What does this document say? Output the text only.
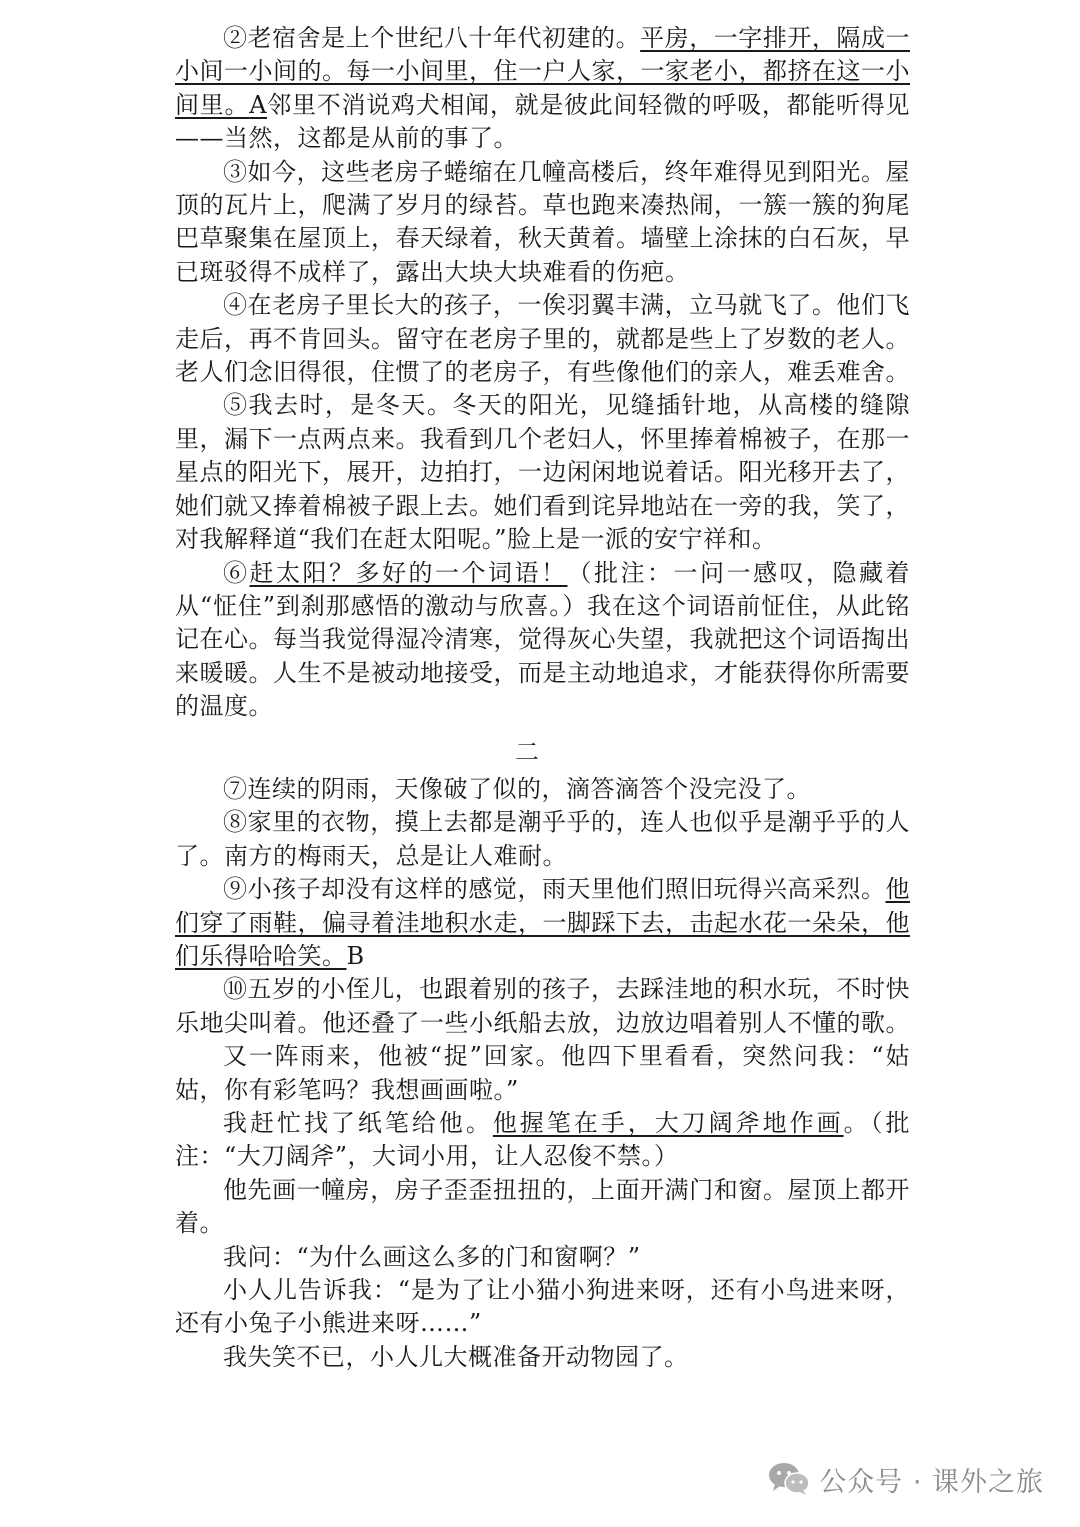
②老宿舍是上个世纪八十年代初建的。平房，一字排开，隔成一小间一小间的。每一小间里，住一户人家，一家老小，都挤在这一小间里。A邻里不消说鸡犬相闻，就是彼此间轻微的呼吸，都能听得见——当然，这都是从前的事了。

③如今，这些老房子蜷缩在几幢高楼后，终年难得见到阳光。屋顶的瓦片上，爬满了岁月的绿苔。草也跑来凑热闹，一簇一簇的狗尾巴草聚集在屋顶上，春天绿着，秋天黄着。墙壁上涂抹的白石灰，早已斑驳得不成样了，露出大块大块难看的伤疤。

④在老房子里长大的孩子，一俟羽翼丰满，立马就飞了。他们飞走后，再不肯回头。留守在老房子里的，就都是些上了岁数的老人。老人们念旧得很，住惯了的老房子，有些像他们的亲人，难丢难舍。

⑤我去时，是冬天。冬天的阳光，见缝插针地，从高楼的缝隙里，漏下一点两点来。我看到几个老妇人，怀里捧着棉被子，在那一星点的阳光下，展开，边拍打，一边闲闲地说着话。阳光移开去了，她们就又捧着棉被子跟上去。她们看到诧异地站在一旁的我，笑了，对我解释道“我们在赶太阳呢。”脸上是一派的安宁祥和。

⑥赶太阳？多好的一个词语！（批注：一问一感叹，隐藏着从“怔住”到刹那感悟的激动与欣喜。）我在这个词语前怔住，从此铭记在心。每当我觉得湿冷清寒，觉得灰心失望，我就把这个词语掏出来暖暖。人生不是被动地接受，而是主动地追求，才能获得你所需要的温度。

二

⑦连续的阴雨，天像破了似的，滴答滴答个没完没了。

⑧家里的衣物，摸上去都是潮乎乎的，连人也似乎是潮乎乎的人了。南方的梅雨天，总是让人难耐。

⑨小孩子却没有这样的感觉，雨天里他们照旧玩得兴高采烈。他们穿了雨鞋，偏寻着洼地积水走，一脚踩下去，击起水花一朵朵，他们乐得哈哈笑。B

⑩五岁的小侄儿，也跟着别的孩子，去踩洼地的积水玩，不时快乐地尖叫着。他还叠了一些小纸船去放，边放边唱着别人不懂的歌。

又一阵雨来，他被“捉”回家。他四下里看看，突然问我：“姑姑，你有彩笔吗？我想画画啦。”

我赶忙找了纸笔给他。他握笔在手，大刀阔斧地作画。（批注：“大刀阔斧”，大词小用，让人忍俊不禁。）

他先画一幢房，房子歪歪扭扭的，上面开满门和窗。屋顶上都开着。

我问：“为什么画这么多的门和窗啊？”

小人儿告诉我：“是为了让小猫小狗进来呀，还有小鸟进来呀，还有小兔子小熊进来呀……”

我失笑不已，小人儿大概准备开动物园了。

公众号 · 课外之旅
